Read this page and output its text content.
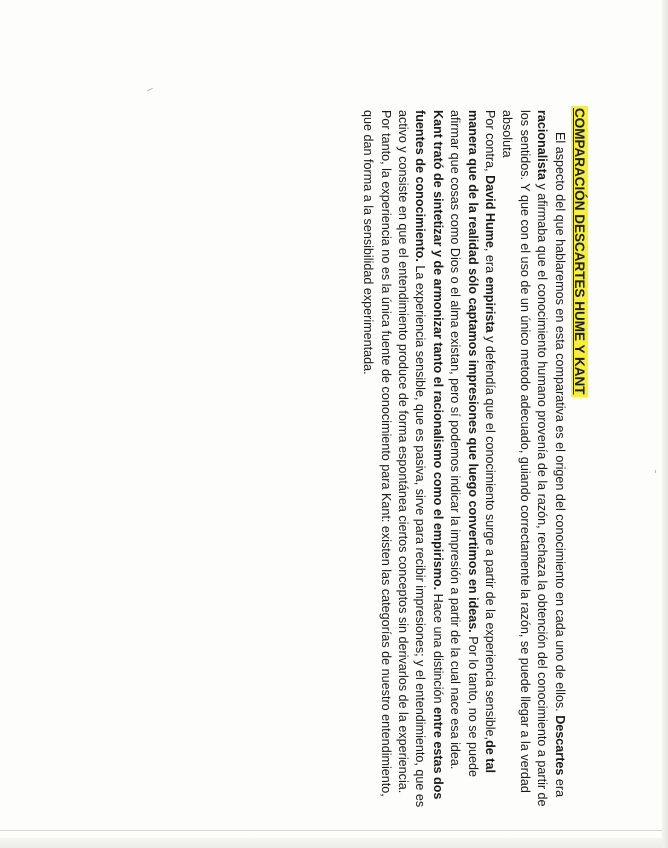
COMPARACIÓN DESCARTES HUME Y KANT

El aspecto del que hablaremos en esta comparativa es el origen del conocimiento en cada uno de ellos. Descartes era racionalista y afirmaba que el conocimiento humano provenía de la razón, rechaza la obtención del conocimiento a partir de los sentidos. Y que con el uso de un único metodo adecuado, guiando correctamente la razón, se puede llegar a la verdad absoluta

Por contra, David Hume, era empirista y defendía que el conocimiento surge a partir de la experiencia sensible,de tal manera que de la realidad sólo captamos impresiones que luego convertimos en ideas. Por lo tanto, no se puede afirmar que cosas como Dios o el alma existan, pero sí podemos indicar la impresión a partir de la cual nace esa idea.

Kant trató de sintetizar y de armonizar tanto el racionalismo como el empirismo. Hace una distinción entre estas dos fuentes de conocimiento. La experiencia sensible, que es pasiva, sirve para recibir impresiones; y el entendimiento, que es activo y consiste en que el entendimiento produce de forma espontánea ciertos conceptos sin derivarlos de la experiencia. Por tanto, la experiencia no es la única fuente de conocimiento para Kant: existen las categorías de nuestro entendimiento, que dan forma a la sensibilidad experimentada.
